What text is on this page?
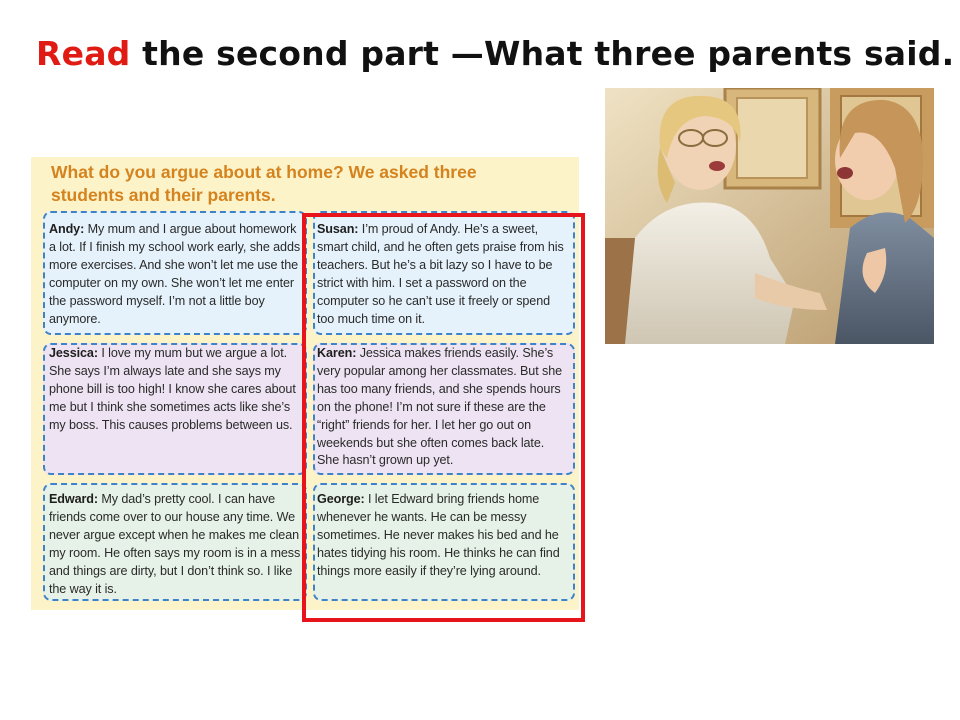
Read the second part —What three parents said.
What do you argue about at home? We asked three students and their parents.
Andy: My mum and I argue about homework a lot. If I finish my school work early, she adds more exercises. And she won’t let me use the computer on my own. She won’t let me enter the password myself. I’m not a little boy anymore.
Susan: I’m proud of Andy. He’s a sweet, smart child, and he often gets praise from his teachers. But he’s a bit lazy so I have to be strict with him. I set a password on the computer so he can’t use it freely or spend too much time on it.
Jessica: I love my mum but we argue a lot. She says I’m always late and she says my phone bill is too high! I know she cares about me but I think she sometimes acts like she’s my boss. This causes problems between us.
Karen: Jessica makes friends easily. She’s very popular among her classmates. But she has too many friends, and she spends hours on the phone! I’m not sure if these are the “right” friends for her. I let her go out on weekends but she often comes back late. She hasn’t grown up yet.
Edward: My dad’s pretty cool. I can have friends come over to our house any time. We never argue except when he makes me clean my room. He often says my room is in a mess and things are dirty, but I don’t think so. I like the way it is.
George: I let Edward bring friends home whenever he wants. He can be messy sometimes. He never makes his bed and he hates tidying his room. He thinks he can find things more easily if they’re lying around.
